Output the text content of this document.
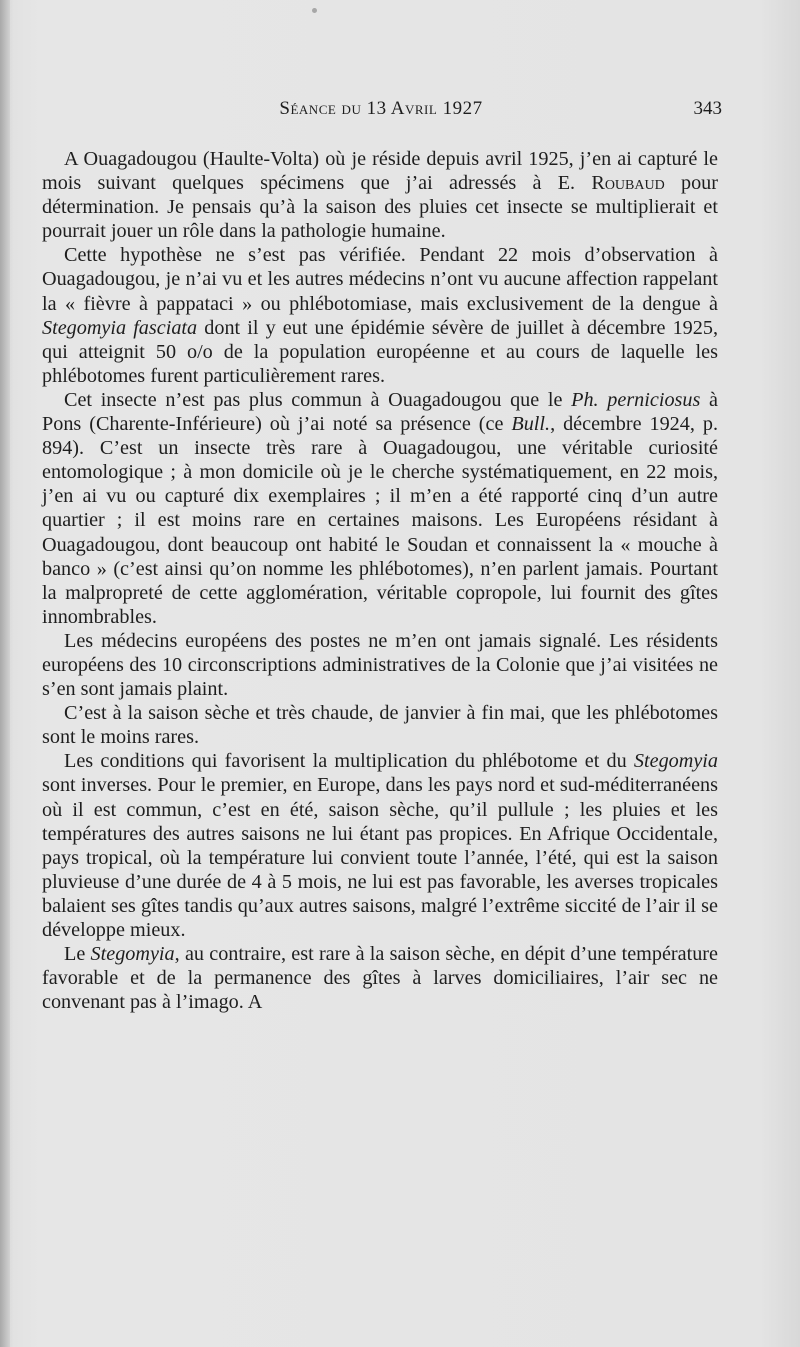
Séance du 13 Avril 1927	343

A Ouagadougou (Haulte-Volta) où je réside depuis avril 1925, j’en ai capturé le mois suivant quelques spécimens que j’ai adressés à E. Roubaud pour détermination. Je pensais qu’à la saison des pluies cet insecte se multiplierait et pourrait jouer un rôle dans la pathologie humaine.

Cette hypothèse ne s’est pas vérifiée. Pendant 22 mois d’observation à Ouagadougou, je n’ai vu et les autres médecins n’ont vu aucune affection rappelant la « fièvre à pappataci » ou phlébotomiase, mais exclusivement de la dengue à Stegomyia fasciata dont il y eut une épidémie sévère de juillet à décembre 1925, qui atteignit 50 o/o de la population européenne et au cours de laquelle les phlébotomes furent particulièrement rares.

Cet insecte n’est pas plus commun à Ouagadougou que le Ph. perniciosus à Pons (Charente-Inférieure) où j’ai noté sa présence (ce Bull., décembre 1924, p. 894). C’est un insecte très rare à Ouagadougou, une véritable curiosité entomologique ; à mon domicile où je le cherche systématiquement, en 22 mois, j’en ai vu ou capturé dix exemplaires ; il m’en a été rapporté cinq d’un autre quartier ; il est moins rare en certaines maisons. Les Européens résidant à Ouagadougou, dont beaucoup ont habité le Soudan et connaissent la « mouche à banco » (c’est ainsi qu’on nomme les phlébotomes), n’en parlent jamais. Pourtant la malpropreté de cette agglomération, véritable copropole, lui fournit des gîtes innombrables.

Les médecins européens des postes ne m’en ont jamais signalé. Les résidents européens des 10 circonscriptions administratives de la Colonie que j’ai visitées ne s’en sont jamais plaint.

C’est à la saison sèche et très chaude, de janvier à fin mai, que les phlébotomes sont le moins rares.

Les conditions qui favorisent la multiplication du phlébotome et du Stegomyia sont inverses. Pour le premier, en Europe, dans les pays nord et sud-méditerranéens où il est commun, c’est en été, saison sèche, qu’il pullule ; les pluies et les températures des autres saisons ne lui étant pas propices. En Afrique Occidentale, pays tropical, où la température lui convient toute l’année, l’été, qui est la saison pluvieuse d’une durée de 4 à 5 mois, ne lui est pas favorable, les averses tropicales balaient ses gîtes tandis qu’aux autres saisons, malgré l’extrême siccité de l’air il se développe mieux.

Le Stegomyia, au contraire, est rare à la saison sèche, en dépit d’une température favorable et de la permanence des gîtes à larves domiciliaires, l’air sec ne convenant pas à l’imago. A
